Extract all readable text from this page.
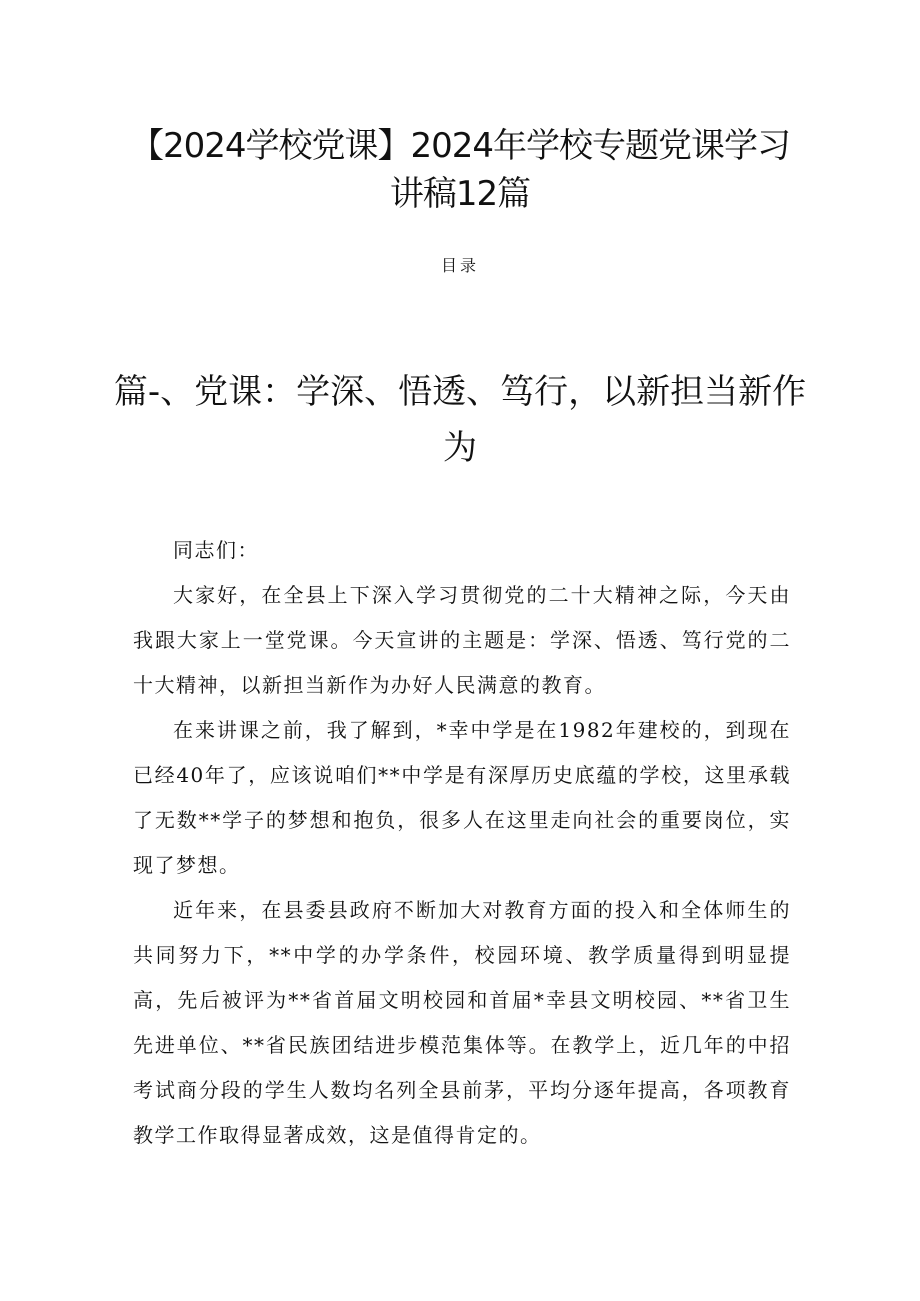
【2024学校党课】2024年学校专题党课学习讲稿12篇
目录
篇-、党课：学深、悟透、笃行，以新担当新作为

同志们：

大家好，在全县上下深入学习贯彻党的二十大精神之际，今天由我跟大家上一堂党课。今天宣讲的主题是：学深、悟透、笃行党的二十大精神，以新担当新作为办好人民满意的教育。

在来讲课之前，我了解到，*幸中学是在1982年建校的，到现在已经40年了，应该说咱们**中学是有深厚历史底蕴的学校，这里承载了无数**学子的梦想和抱负，很多人在这里走向社会的重要岗位，实现了梦想。

近年来，在县委县政府不断加大对教育方面的投入和全体师生的共同努力下，**中学的办学条件，校园环境、教学质量得到明显提高，先后被评为**省首届文明校园和首届*幸县文明校园、**省卫生先进单位、**省民族团结进步模范集体等。在教学上，近几年的中招考试商分段的学生人数均名列全县前茅，平均分逐年提高，各项教育教学工作取得显著成效，这是值得肯定的。
